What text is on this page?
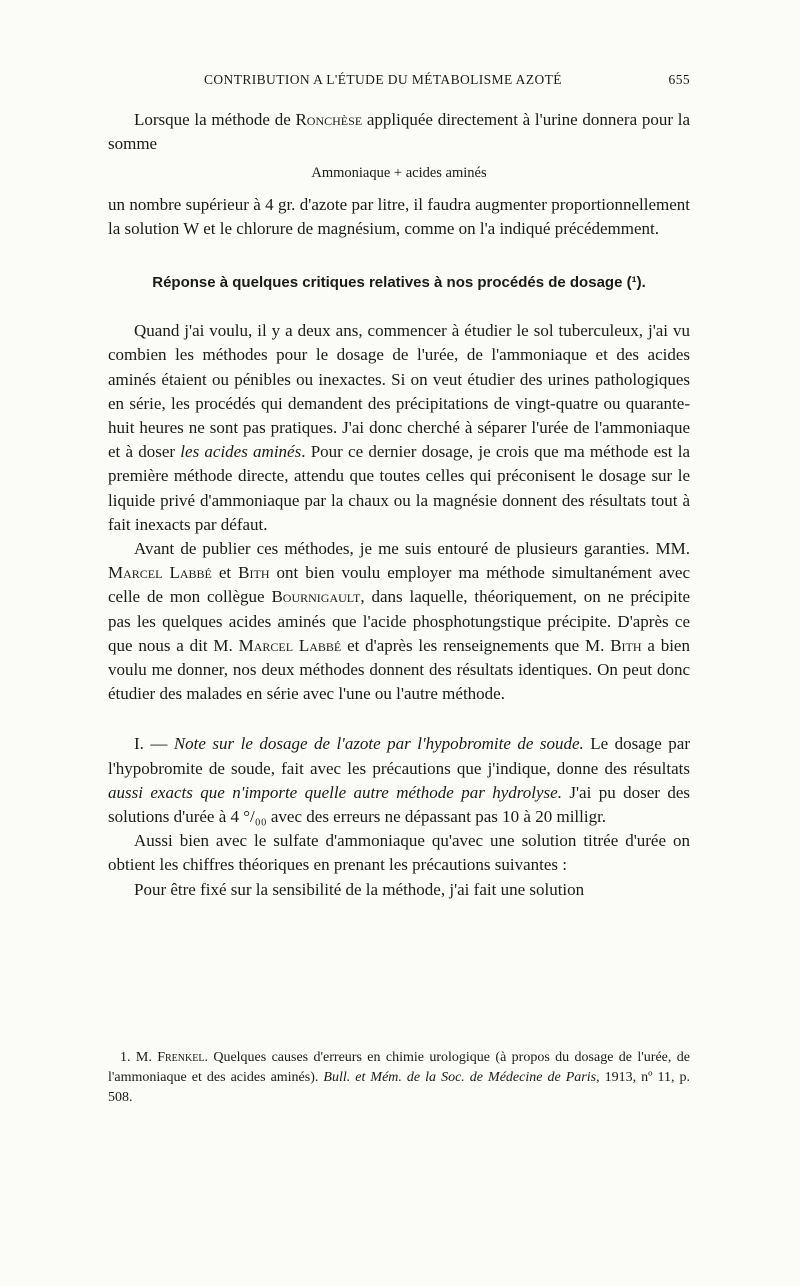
CONTRIBUTION A L'ÉTUDE DU MÉTABOLISME AZOTÉ	655

Lorsque la méthode de Ronchèse appliquée directement à l'urine donnera pour la somme

Ammoniaque + acides aminés

un nombre supérieur à 4 gr. d'azote par litre, il faudra augmenter proportionnellement la solution W et le chlorure de magnésium, comme on l'a indiqué précédemment.

Réponse à quelques critiques relatives à nos procédés de dosage (¹).

Quand j'ai voulu, il y a deux ans, commencer à étudier le sol tuberculeux, j'ai vu combien les méthodes pour le dosage de l'urée, de l'ammoniaque et des acides aminés étaient ou pénibles ou inexactes. Si on veut étudier des urines pathologiques en série, les procédés qui demandent des précipitations de vingt-quatre ou quarante-huit heures ne sont pas pratiques. J'ai donc cherché à séparer l'urée de l'ammoniaque et à doser les acides aminés. Pour ce dernier dosage, je crois que ma méthode est la première méthode directe, attendu que toutes celles qui préconisent le dosage sur le liquide privé d'ammoniaque par la chaux ou la magnésie donnent des résultats tout à fait inexacts par défaut.

Avant de publier ces méthodes, je me suis entouré de plusieurs garanties. MM. Marcel Labbé et Bith ont bien voulu employer ma méthode simultanément avec celle de mon collègue Bournigault, dans laquelle, théoriquement, on ne précipite pas les quelques acides aminés que l'acide phosphotungstique précipite. D'après ce que nous a dit M. Marcel Labbé et d'après les renseignements que M. Bith a bien voulu me donner, nos deux méthodes donnent des résultats identiques. On peut donc étudier des malades en série avec l'une ou l'autre méthode.

I. — Note sur le dosage de l'azote par l'hypobromite de soude. Le dosage par l'hypobromite de soude, fait avec les précautions que j'indique, donne des résultats aussi exacts que n'importe quelle autre méthode par hydrolyse. J'ai pu doser des solutions d'urée à 4 °/₀₀ avec des erreurs ne dépassant pas 10 à 20 milligr.

Aussi bien avec le sulfate d'ammoniaque qu'avec une solution titrée d'urée on obtient les chiffres théoriques en prenant les précautions suivantes :

Pour être fixé sur la sensibilité de la méthode, j'ai fait une solution

1. M. Frenkel. Quelques causes d'erreurs en chimie urologique (à propos du dosage de l'urée, de l'ammoniaque et des acides aminés). Bull. et Mém. de la Soc. de Médecine de Paris, 1913, nº 11, p. 508.
